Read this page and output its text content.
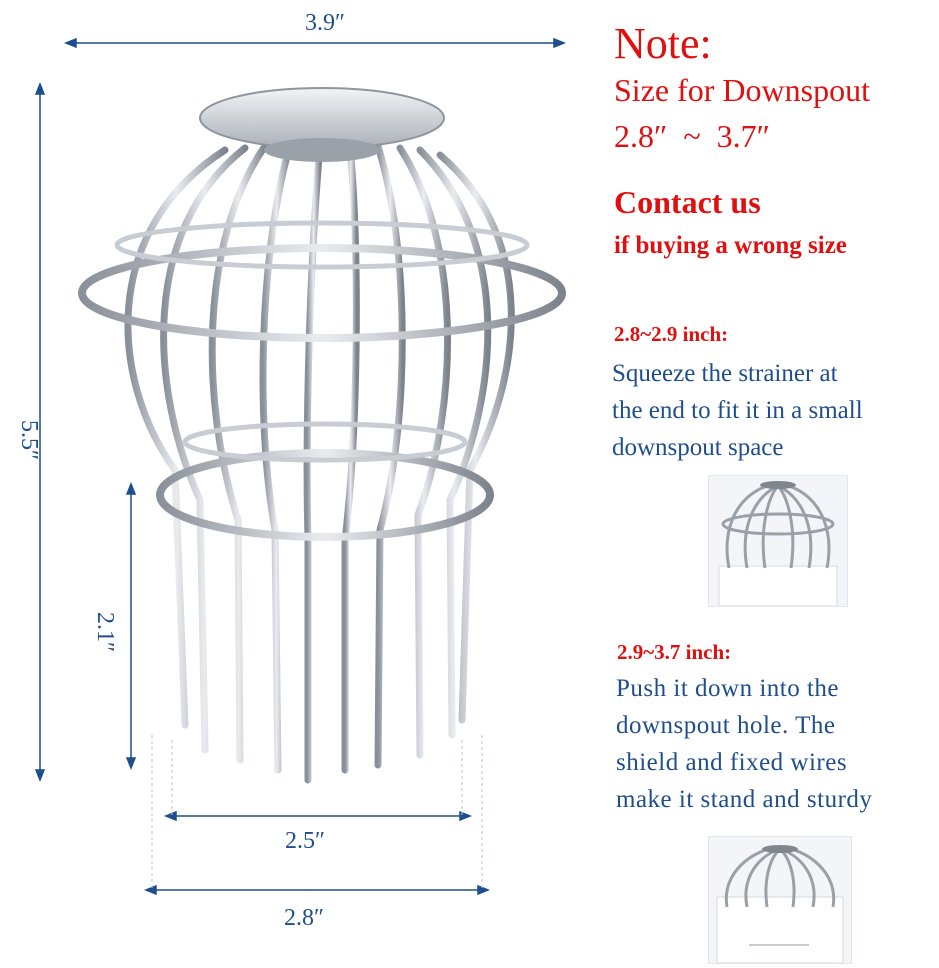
3.9″
5.5″
2.1″
2.5″
2.8″
Note:
Size for Downspout
2.8″  ~  3.7″
Contact us
if buying a wrong size
2.8~2.9 inch:
Squeeze the strainer at
the end to fit it in a small
downspout space
2.9~3.7 inch:
Push it down into the
downspout hole. The
shield and fixed wires
make it stand and sturdy
